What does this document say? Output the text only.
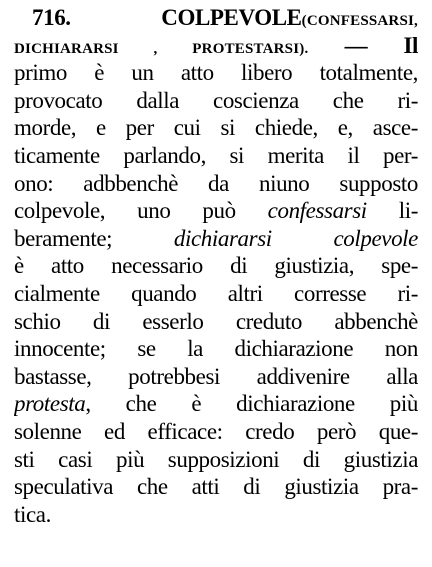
716.	COLPEVOLE(CONFESSARSI,
DICHIARARSI , PROTESTARSI). — Il
primo è un atto libero totalmente,
provocato dalla coscienza che ri-
morde, e per cui si chiede, e, asce-
ticamente parlando, si merita il per-
ono: adbbenchè da niuno supposto
colpevole, uno può confessarsi li-
beramente;	dichiararsi colpevole
è atto necessario di giustizia, spe-
cialmente quando altri corresse ri-
schio di esserlo creduto abbenchè
innocente; se la dichiarazione non
bastasse, potrebbesi addivenire alla
protesta, che è dichiarazione più
solenne ed efficace: credo però que-
sti casi più supposizioni di giustizia
speculativa che atti di giustizia pra-
tica.
